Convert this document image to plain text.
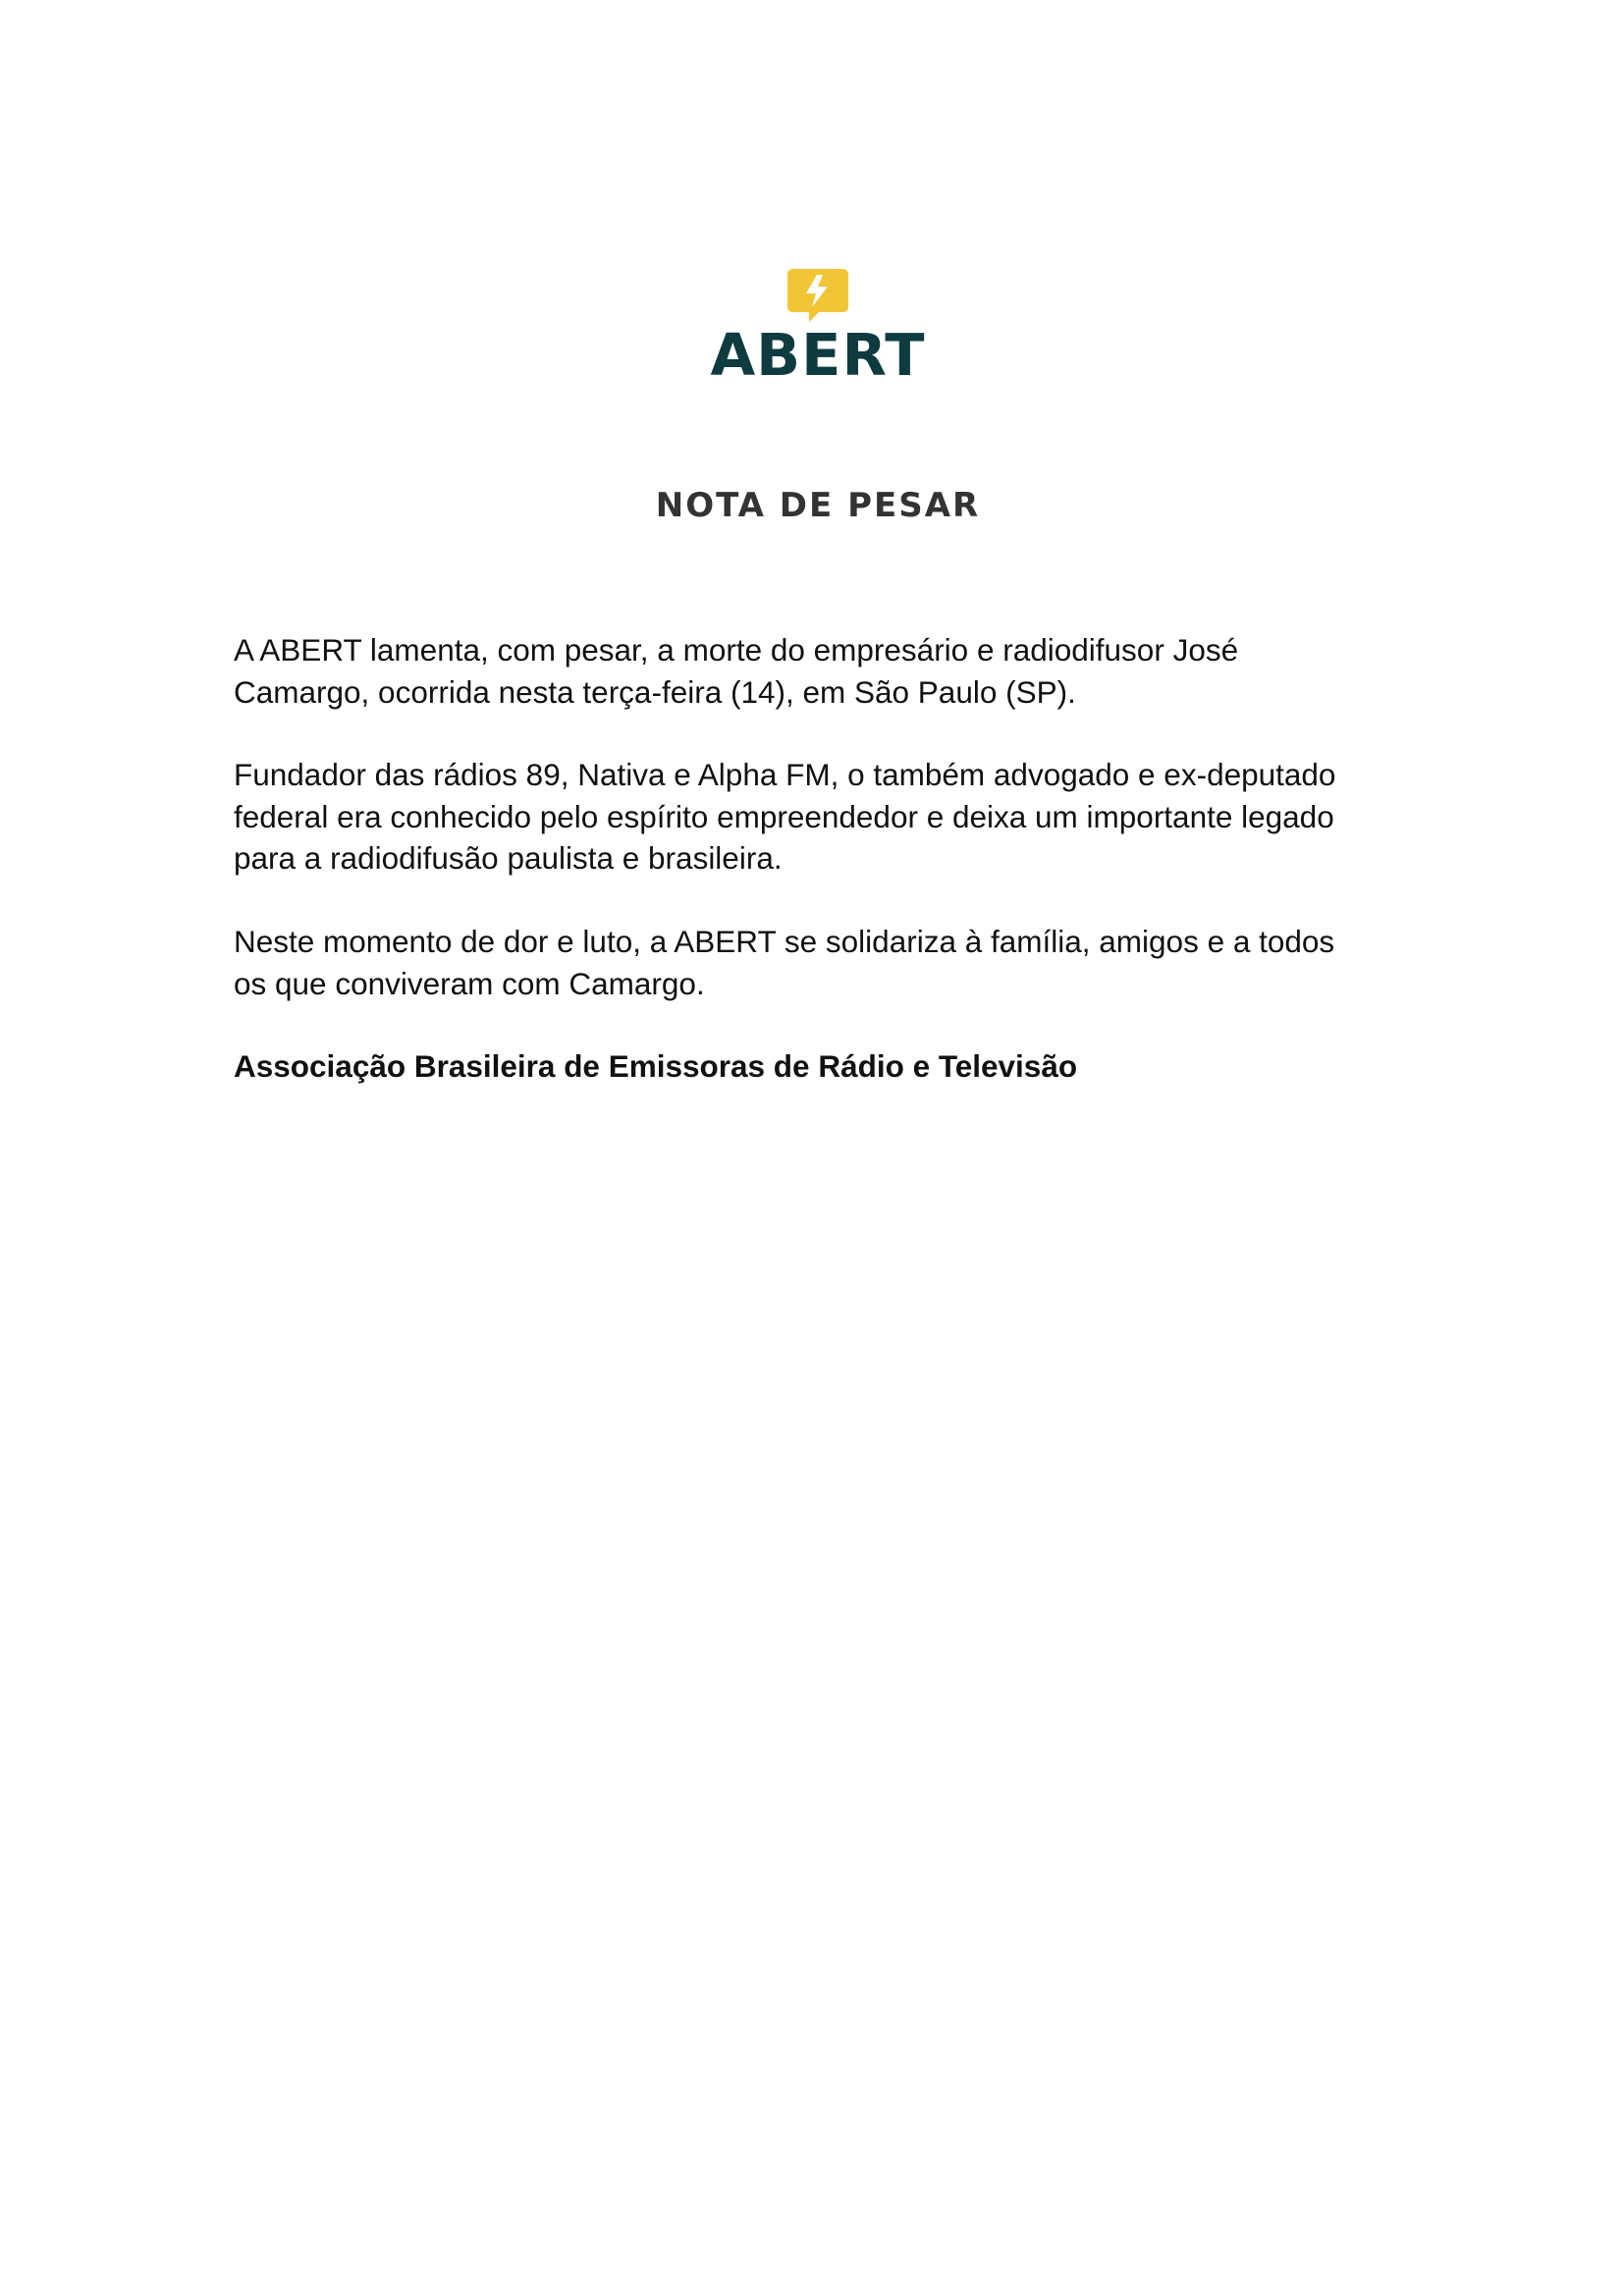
ABERT
NOTA DE PESAR
A ABERT lamenta, com pesar, a morte do empresário e radiodifusor José
Camargo, ocorrida nesta terça-feira (14), em São Paulo (SP).
Fundador das rádios 89, Nativa e Alpha FM, o também advogado e ex-deputado
federal era conhecido pelo espírito empreendedor e deixa um importante legado
para a radiodifusão paulista e brasileira.
Neste momento de dor e luto, a ABERT se solidariza à família, amigos e a todos
os que conviveram com Camargo.
Associação Brasileira de Emissoras de Rádio e Televisão
